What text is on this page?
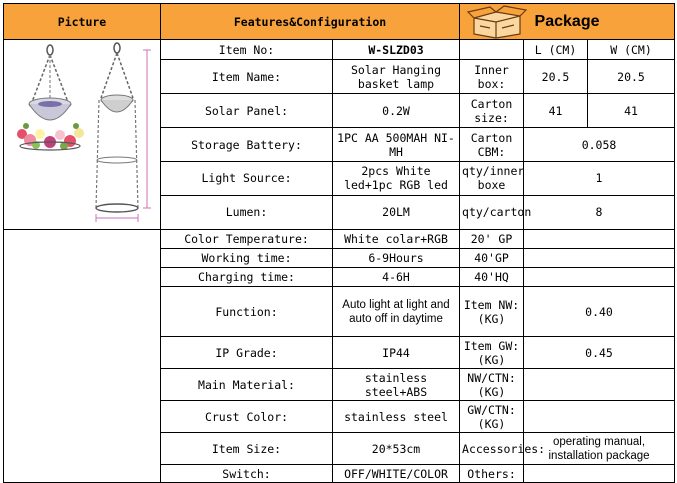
Picture	Features&Configuration		Package		
	Item No:	W-SLZD03		L (CM)	W (CM)
	Item Name:	Solar Hanging basket lamp	Inner box:	20.5	20.5
	Solar Panel:	0.2W	Carton size:	41	41
	Storage Battery:	1PC AA 500MAH NI-MH	Carton CBM:	0.058	
	Light Source:	2pcs White led+1pc RGB led	qty/inner boxe	1	
	Lumen:	20LM	qty/carton	8	
	Color Temperature:	White colar+RGB	20' GP		
	Working time:	6-9Hours	40'GP		
	Charging time:	4-6H	40'HQ		
	Function:	Auto light at light and auto off in daytime	Item NW:(KG)	0.40	
	IP Grade:	IP44	Item GW:(KG)	0.45	
	Main Material:	stainless steel+ABS	NW/CTN:(KG)		
	Crust Color:	stainless steel	GW/CTN:(KG)		
	Item Size:	20*53cm	Accessories:	operating manual, installation package	
	Switch:	OFF/WHITE/COLOR	Others:		
